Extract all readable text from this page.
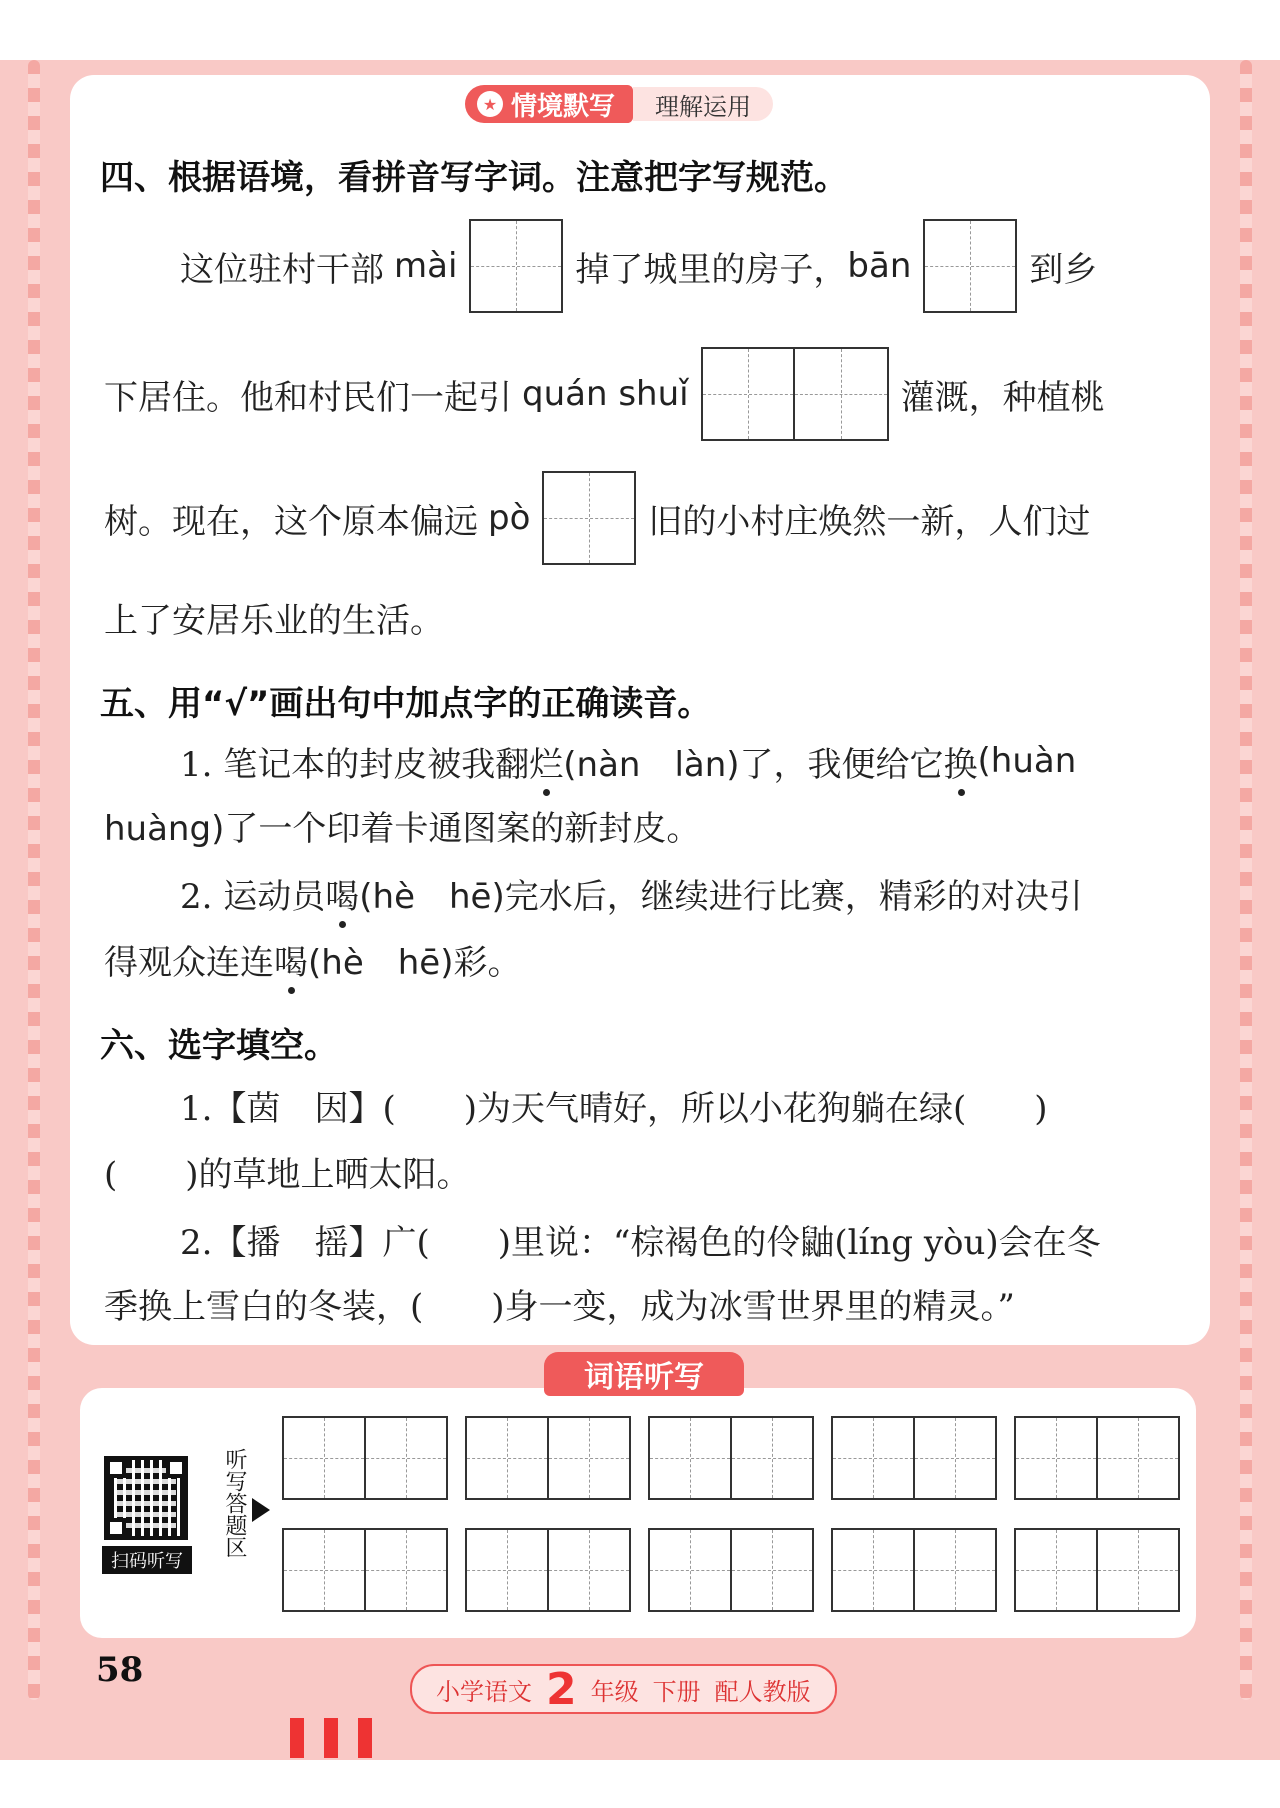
★ 情境默写	理解运用
四、根据语境，看拼音写字词。注意把字写规范。
这位驻村干部 mài	掉了城里的房子， bān	到乡
下居住。他和村民们一起引 quán shuǐ	灌溉，种植桃
树。现在，这个原本偏远 pò	旧的小村庄焕然一新，人们过
上了安居乐业的生活。
五、用“√”画出句中加点字的正确读音。
1. 笔记本的封皮被我翻 烂 (nàn　làn)了，我便给它 换 (huàn
huàng)了一个印着卡通图案的新封皮。
2. 运动员 喝 (hè　hē)完水后，继续进行比赛，精彩的对决引
得观众连连 喝 (hè　hē)彩。
六、选字填空。
1.【茵　因】(　　)为天气晴好，所以小花狗躺在绿(　　)
(　　)的草地上晒太阳。
2.【播　摇】广(　　)里说：“棕褐色的伶鼬(líng yòu)会在冬
季换上雪白的冬装，(　　)身一变，成为冰雪世界里的精灵。”
词语听写
扫码听写
听写答题区
58
小学语文 2 年级 下册 配人教版
